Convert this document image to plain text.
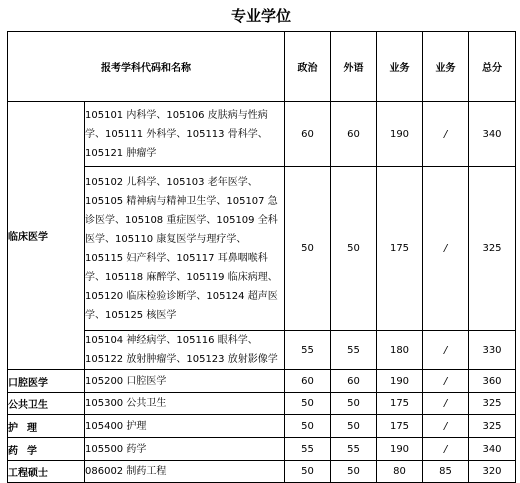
专业学位
报考学科代码和名称		政治	外语	业务	业务	总分
临床医学	105101 内科学、105106 皮肤病与性病学、105111 外科学、105113 骨科学、105121 肿瘤学	60	60	190	/	340
	105102 儿科学、105103 老年医学、105105 精神病与精神卫生学、105107 急诊医学、105108 重症医学、105109 全科医学、105110 康复医学与理疗学、105115 妇产科学、105117 耳鼻咽喉科学、105118 麻醉学、105119 临床病理、105120 临床检验诊断学、105124 超声医学、105125 核医学	50	50	175	/	325
	105104 神经病学、105116 眼科学、105122 放射肿瘤学、105123 放射影像学	55	55	180	/	330
口腔医学	105200 口腔医学	60	60	190	/	360
公共卫生	105300 公共卫生	50	50	175	/	325
护理	105400 护理	50	50	175	/	325
药学	105500 药学	55	55	190	/	340
工程硕士	086002 制药工程	50	50	80	85	320
